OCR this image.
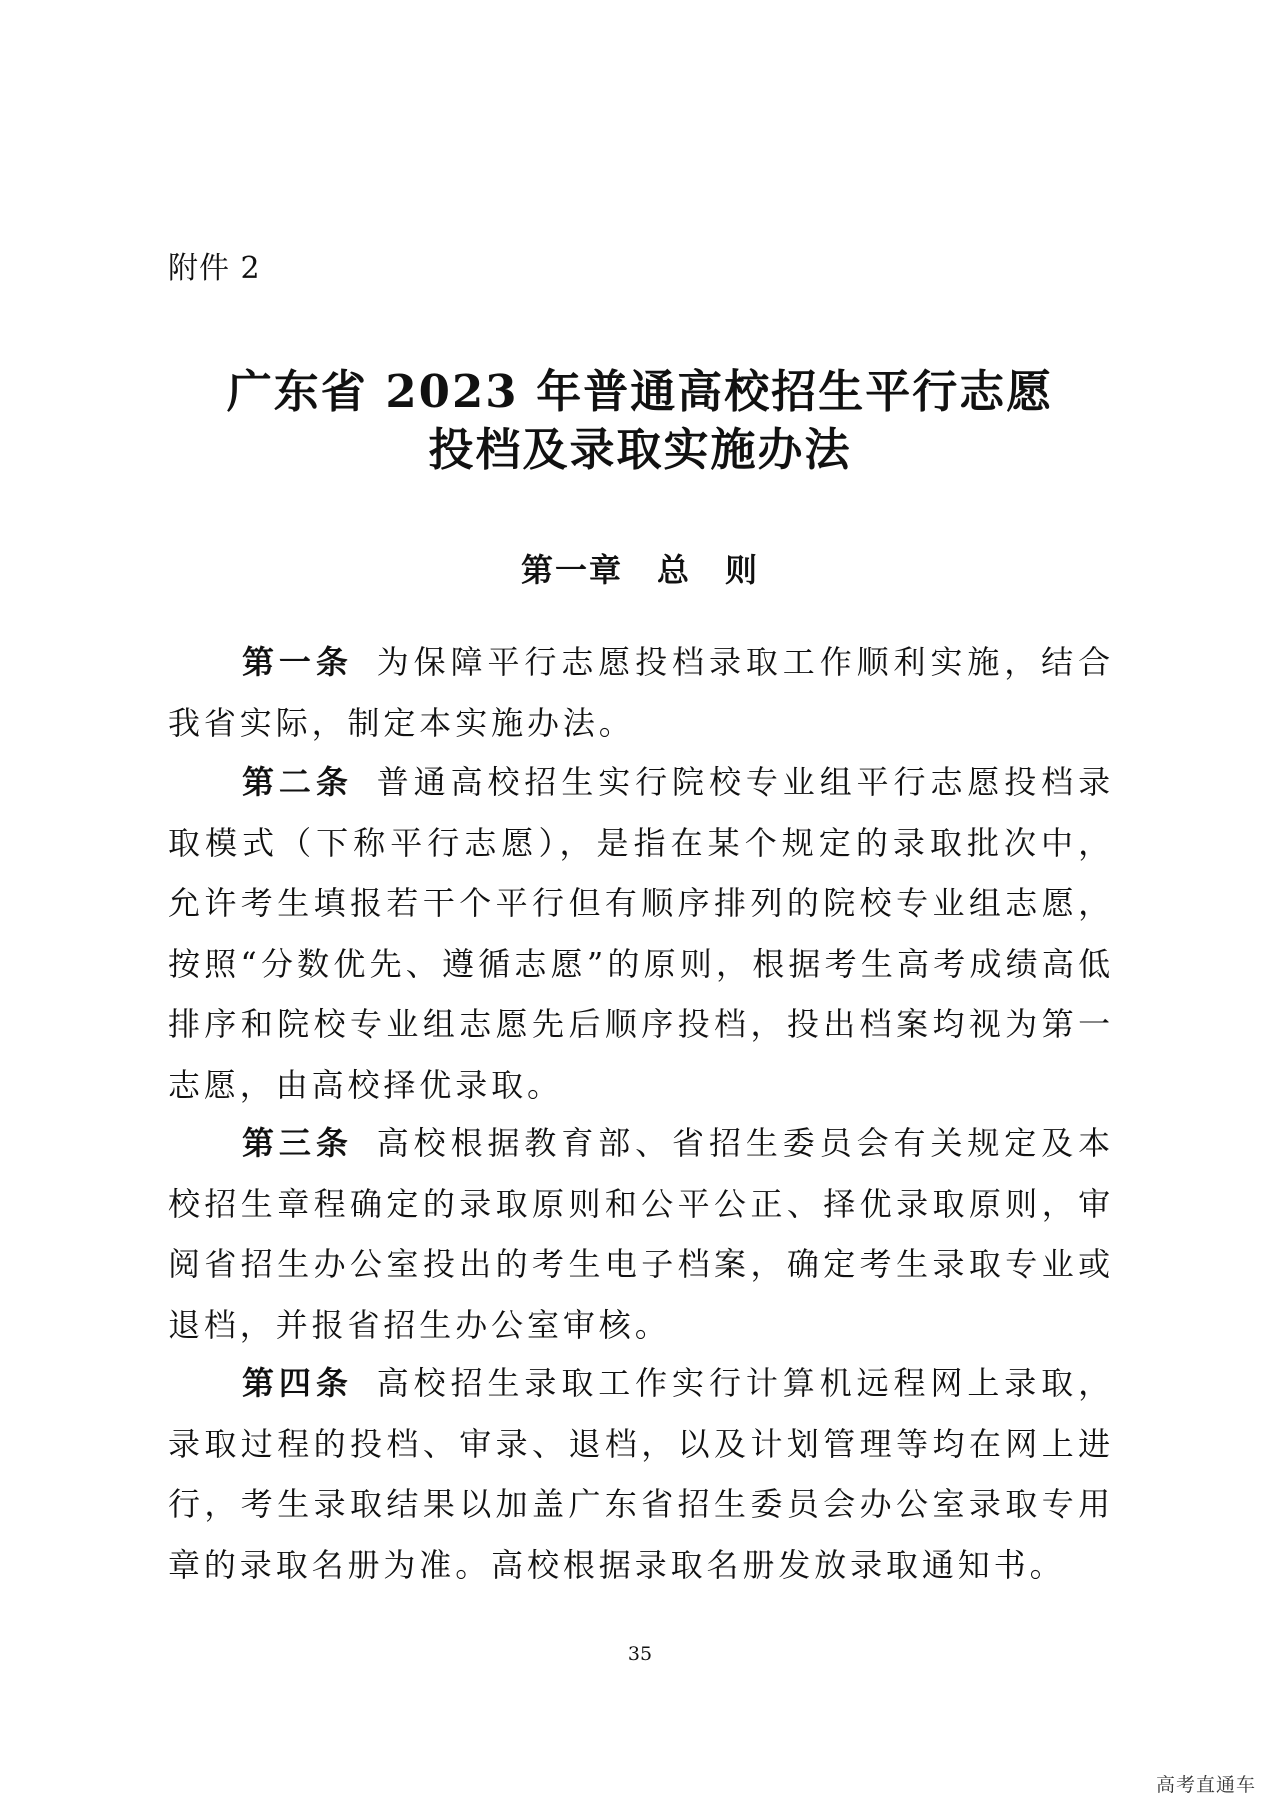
附件 2
广东省 2023 年普通高校招生平行志愿
投档及录取实施办法
第一章　总　则

第一条 为保障平行志愿投档录取工作顺利实施，结合我省实际，制定本实施办法。

第二条 普通高校招生实行院校专业组平行志愿投档录取模式（下称平行志愿），是指在某个规定的录取批次中，允许考生填报若干个平行但有顺序排列的院校专业组志愿，按照“分数优先、遵循志愿”的原则，根据考生高考成绩高低排序和院校专业组志愿先后顺序投档，投出档案均视为第一志愿，由高校择优录取。

第三条 高校根据教育部、省招生委员会有关规定及本校招生章程确定的录取原则和公平公正、择优录取原则，审阅省招生办公室投出的考生电子档案，确定考生录取专业或退档，并报省招生办公室审核。

第四条 高校招生录取工作实行计算机远程网上录取，录取过程的投档、审录、退档，以及计划管理等均在网上进行，考生录取结果以加盖广东省招生委员会办公室录取专用章的录取名册为准。高校根据录取名册发放录取通知书。

35
高考直通车
